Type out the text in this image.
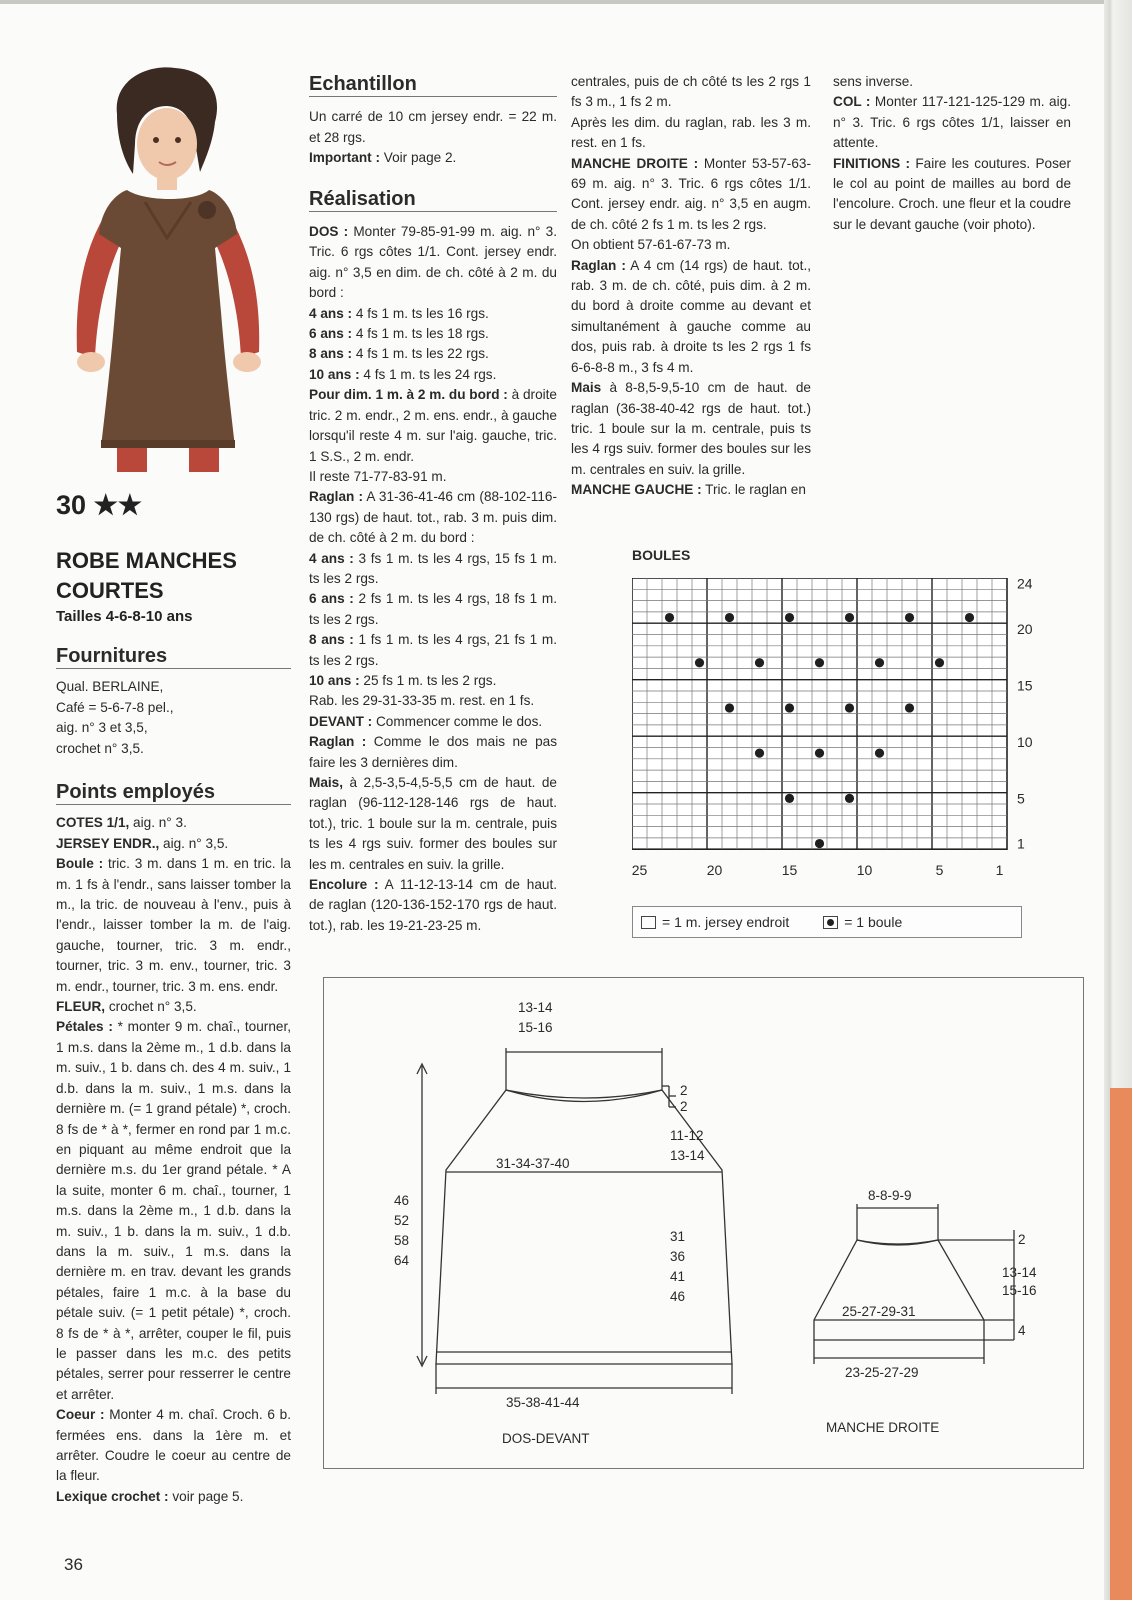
30 ★★
ROBE MANCHES
COURTES
Tailles 4-6-8-10 ans
Fournitures

Qual. BERLAINE,

Café = 5-6-7-8 pel.,

aig. n° 3 et 3,5,

crochet n° 3,5.

Points employés

COTES 1/1, aig. n° 3.

JERSEY ENDR., aig. n° 3,5.

Boule : tric. 3 m. dans 1 m. en tric. la m. 1 fs à l'endr., sans laisser tomber la m., la tric. de nouveau à l'env., puis à l'endr., laisser tomber la m. de l'aig. gauche, tourner, tric. 3 m. endr., tourner, tric. 3 m. env., tourner, tric. 3 m. endr., tourner, tric. 3 m. ens. endr.

FLEUR, crochet n° 3,5.

Pétales : * monter 9 m. chaî., tourner, 1 m.s. dans la 2ème m., 1 d.b. dans la m. suiv., 1 b. dans ch. des 4 m. suiv., 1 d.b. dans la m. suiv., 1 m.s. dans la dernière m. (= 1 grand pétale) *, croch. 8 fs de * à *, fermer en rond par 1 m.c. en piquant au même endroit que la dernière m.s. du 1er grand pétale. * A la suite, monter 6 m. chaî., tourner, 1 m.s. dans la 2ème m., 1 d.b. dans la m. suiv., 1 b. dans la m. suiv., 1 d.b. dans la m. suiv., 1 m.s. dans la dernière m. en trav. devant les grands pétales, faire 1 m.c. à la base du pétale suiv. (= 1 petit pétale) *, croch. 8 fs de * à *, arrêter, couper le fil, puis le passer dans les m.c. des petits pétales, serrer pour resserrer le centre et arrêter.

Coeur : Monter 4 m. chaî. Croch. 6 b. fermées ens. dans la 1ère m. et arrêter. Coudre le coeur au centre de la fleur.

Lexique crochet : voir page 5.

Echantillon

Un carré de 10 cm jersey endr. = 22 m. et 28 rgs.

Important : Voir page 2.

Réalisation

DOS : Monter 79-85-91-99 m. aig. n° 3. Tric. 6 rgs côtes 1/1. Cont. jersey endr. aig. n° 3,5 en dim. de ch. côté à 2 m. du bord :

4 ans : 4 fs 1 m. ts les 16 rgs.

6 ans : 4 fs 1 m. ts les 18 rgs.

8 ans : 4 fs 1 m. ts les 22 rgs.

10 ans : 4 fs 1 m. ts les 24 rgs.

Pour dim. 1 m. à 2 m. du bord : à droite tric. 2 m. endr., 2 m. ens. endr., à gauche lorsqu'il reste 4 m. sur l'aig. gauche, tric. 1 S.S., 2 m. endr.

Il reste 71-77-83-91 m.

Raglan : A 31-36-41-46 cm (88-102-116-130 rgs) de haut. tot., rab. 3 m. puis dim. de ch. côté à 2 m. du bord :

4 ans : 3 fs 1 m. ts les 4 rgs, 15 fs 1 m. ts les 2 rgs.

6 ans : 2 fs 1 m. ts les 4 rgs, 18 fs 1 m. ts les 2 rgs.

8 ans : 1 fs 1 m. ts les 4 rgs, 21 fs 1 m. ts les 2 rgs.

10 ans : 25 fs 1 m. ts les 2 rgs.

Rab. les 29-31-33-35 m. rest. en 1 fs.

DEVANT : Commencer comme le dos.

Raglan : Comme le dos mais ne pas faire les 3 dernières dim.

Mais, à 2,5-3,5-4,5-5,5 cm de haut. de raglan (96-112-128-146 rgs de haut. tot.), tric. 1 boule sur la m. centrale, puis ts les 4 rgs suiv. former des boules sur les m. centrales en suiv. la grille.

Encolure : A 11-12-13-14 cm de haut. de raglan (120-136-152-170 rgs de haut. tot.), rab. les 19-21-23-25 m.

centrales, puis de ch côté ts les 2 rgs 1 fs 3 m., 1 fs 2 m.

Après les dim. du raglan, rab. les 3 m. rest. en 1 fs.

MANCHE DROITE : Monter 53-57-63-69 m. aig. n° 3. Tric. 6 rgs côtes 1/1. Cont. jersey endr. aig. n° 3,5 en augm. de ch. côté 2 fs 1 m. ts les 2 rgs.

On obtient 57-61-67-73 m.

Raglan : A 4 cm (14 rgs) de haut. tot., rab. 3 m. de ch. côté, puis dim. à 2 m. du bord à droite comme au devant et simultanément à gauche comme au dos, puis rab. à droite ts les 2 rgs 1 fs 6-6-8-8 m., 3 fs 4 m.

Mais à 8-8,5-9,5-10 cm de haut. de raglan (36-38-40-42 rgs de haut. tot.) tric. 1 boule sur la m. centrale, puis ts les 4 rgs suiv. former des boules sur les m. centrales en suiv. la grille.

MANCHE GAUCHE : Tric. le raglan en

sens inverse.

COL : Monter 117-121-125-129 m. aig. n° 3. Tric. 6 rgs côtes 1/1, laisser en attente.

FINITIONS : Faire les coutures. Poser le col au point de mailles au bord de l'encolure. Croch. une fleur et la coudre sur le devant gauche (voir photo).

BOULES
25	20	15	10	5	1
24
20
15
10
5
1
= 1 m. jersey endroit	= 1 boule
13-14
15-16
2
2
11-12
13-14
31-34-37-40
31
36
41
46
46
52
58
64
35-38-41-44
DOS-DEVANT
8-8-9-9
2
13-14
15-16
25-27-29-31
4
23-25-27-29
MANCHE DROITE
36
